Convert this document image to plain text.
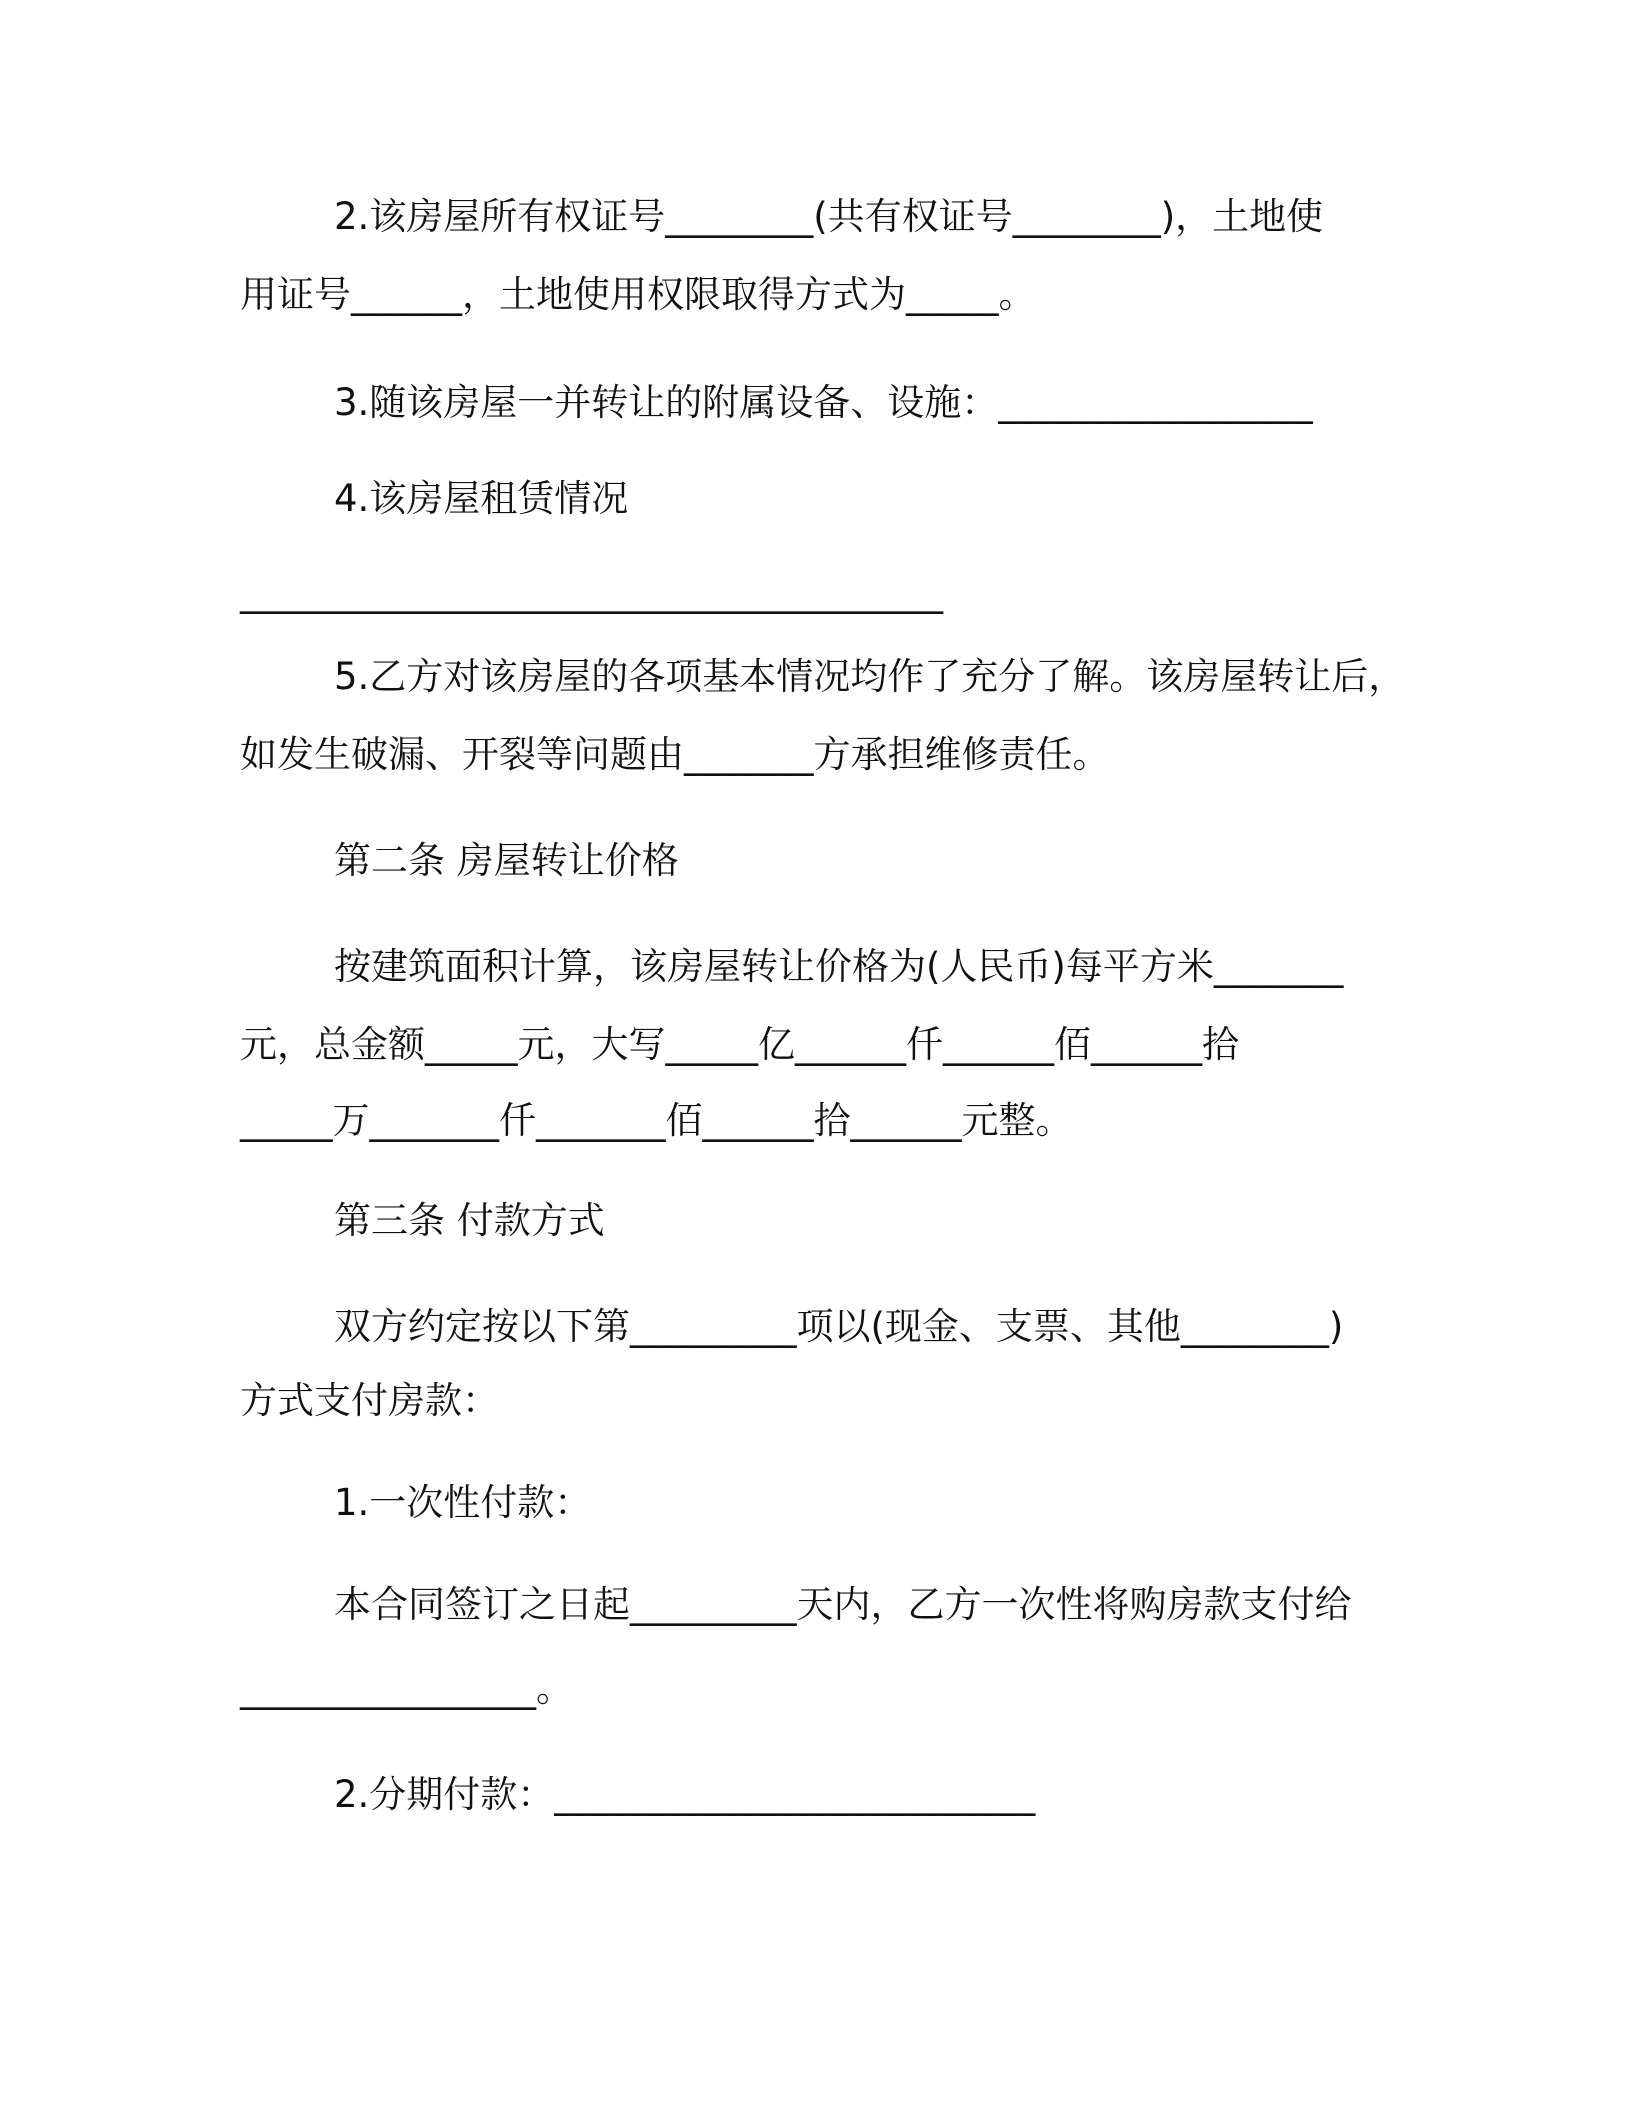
2.该房屋所有权证号________(共有权证号________)，土地使
用证号______，土地使用权限取得方式为_____。
3.随该房屋一并转让的附属设备、设施：_________________
4.该房屋租赁情况
______________________________________
5.乙方对该房屋的各项基本情况均作了充分了解。该房屋转让后，
如发生破漏、开裂等问题由_______方承担维修责任。
第二条 房屋转让价格
按建筑面积计算，该房屋转让价格为(人民币)每平方米_______
元，总金额_____元，大写_____亿______仟______佰______拾
_____万_______仟_______佰______拾______元整。
第三条 付款方式
双方约定按以下第_________项以(现金、支票、其他________)
方式支付房款：
1.一次性付款：
本合同签订之日起_________天内，乙方一次性将购房款支付给
________________。
2.分期付款：__________________________
